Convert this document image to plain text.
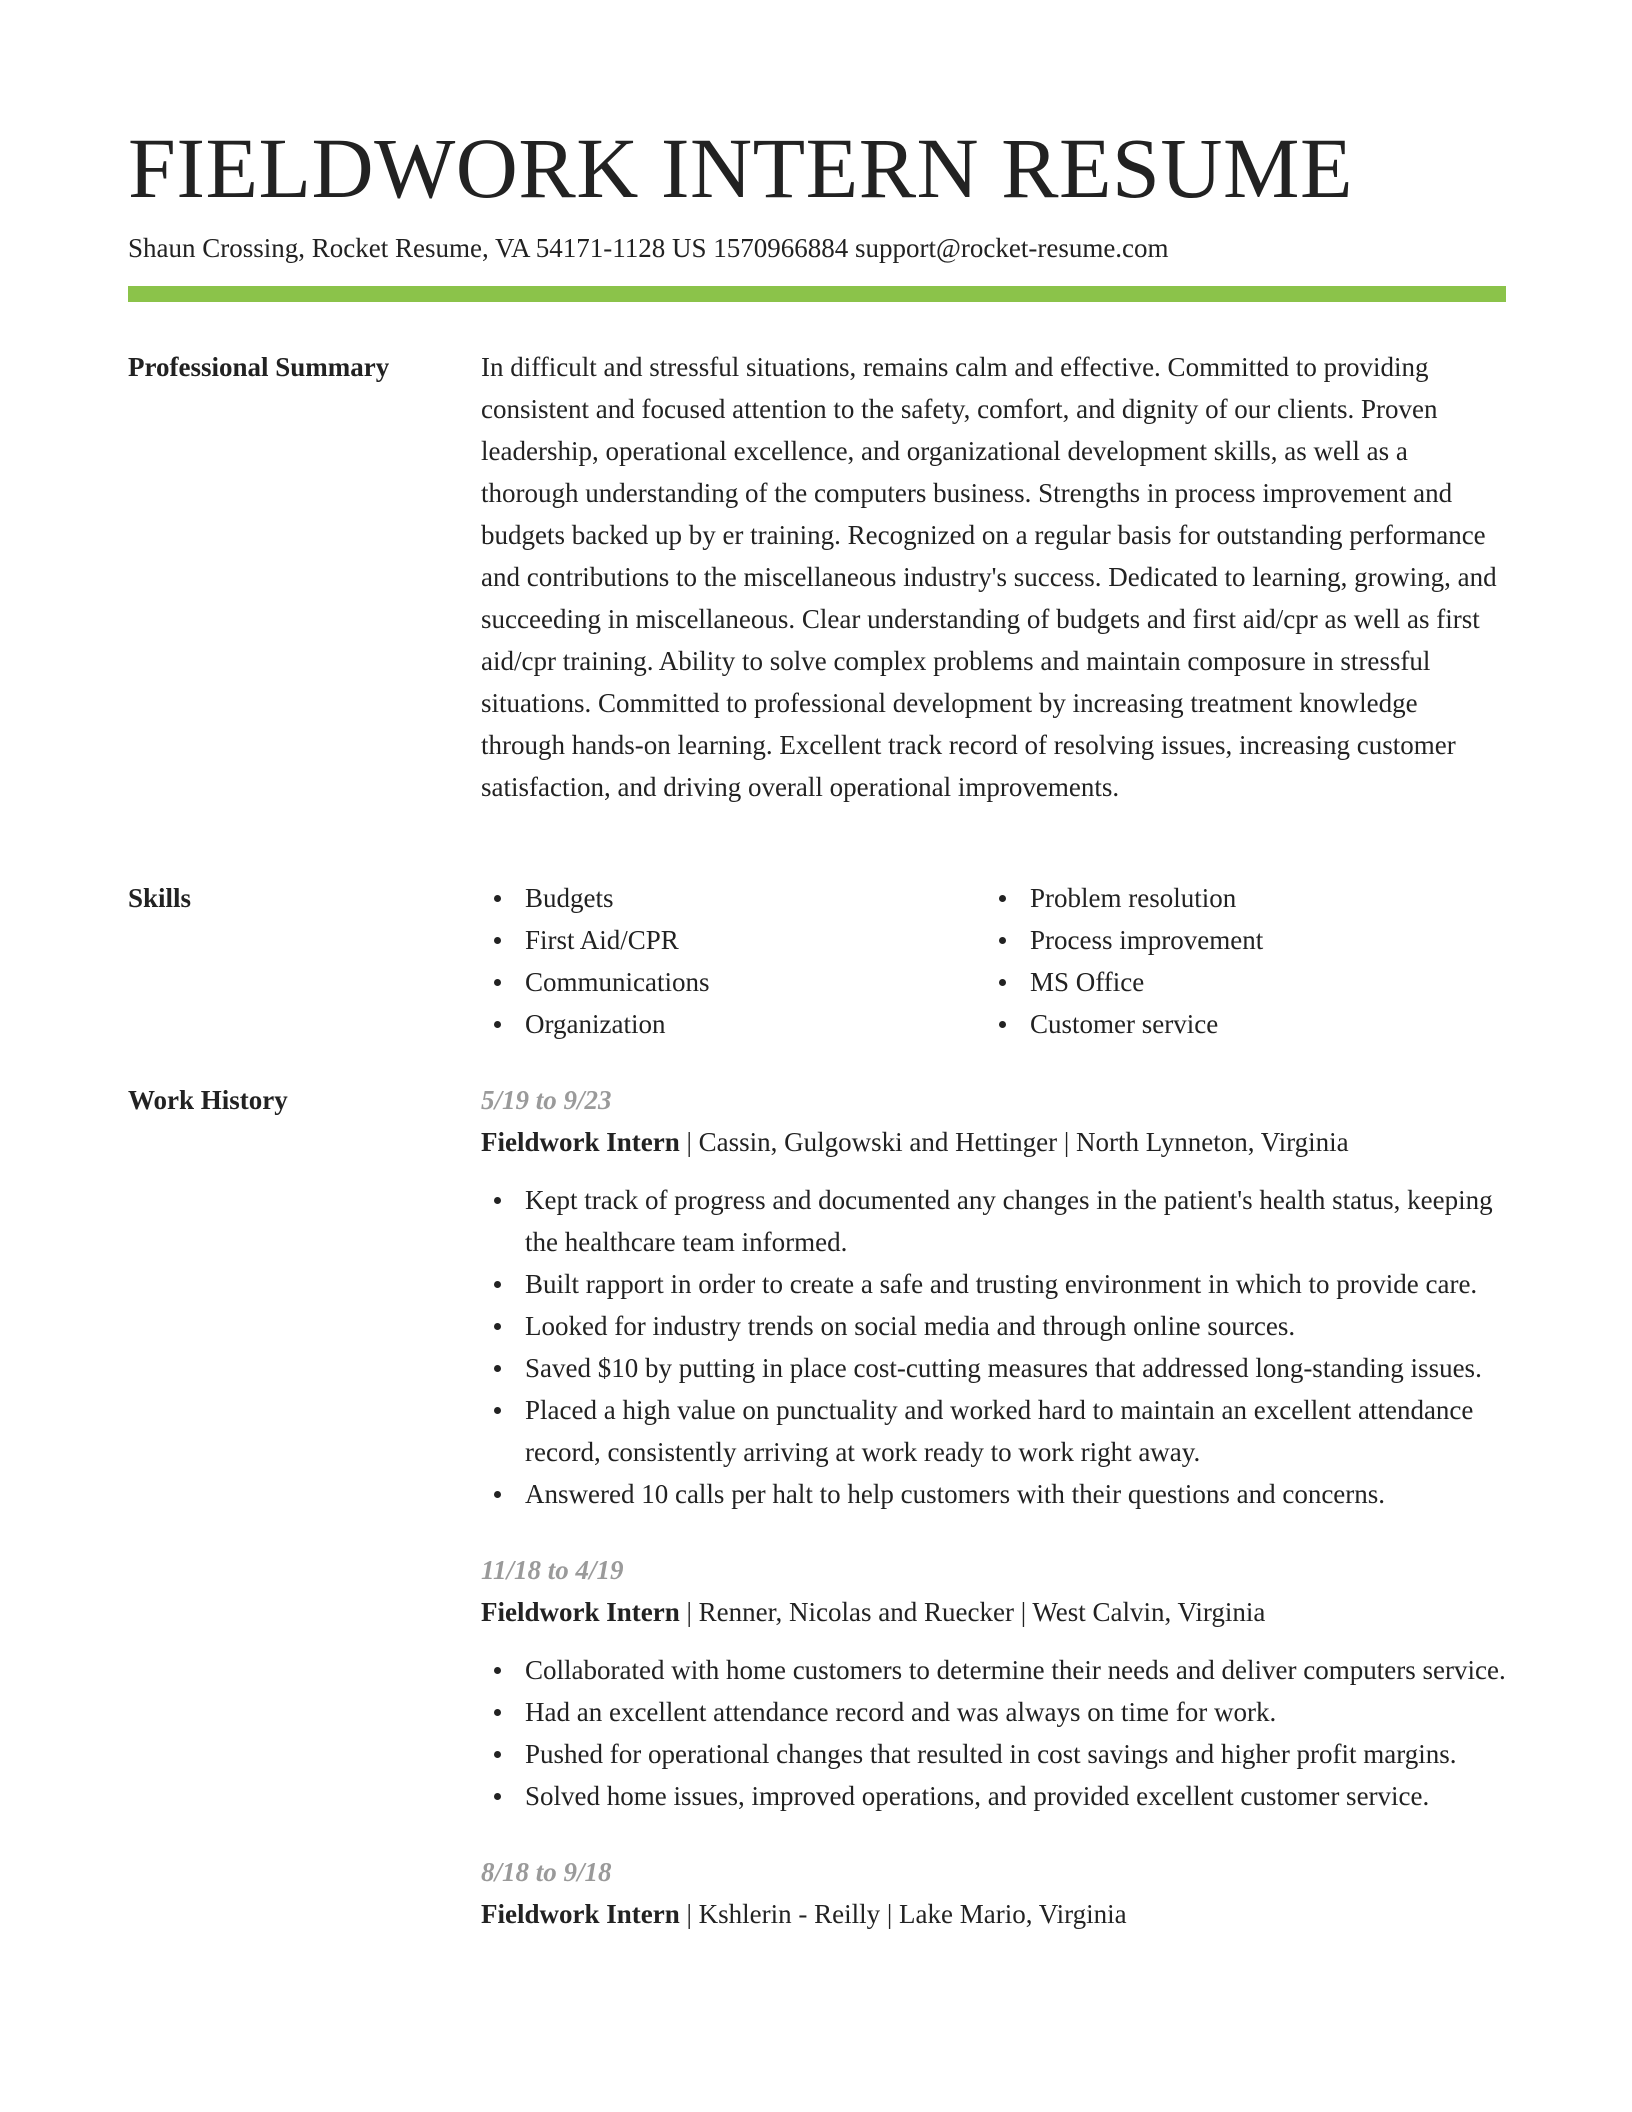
FIELDWORK INTERN RESUME
Shaun Crossing, Rocket Resume, VA 54171-1128 US 1570966884 support@rocket-resume.com
Professional Summary	In difficult and stressful situations, remains calm and effective. Committed to providing consistent and focused attention to the safety, comfort, and dignity of our clients. Proven leadership, operational excellence, and organizational development skills, as well as a thorough understanding of the computers business. Strengths in process improvement and budgets backed up by er training. Recognized on a regular basis for outstanding performance and contributions to the miscellaneous industry's success. Dedicated to learning, growing, and succeeding in miscellaneous. Clear understanding of budgets and first aid/cpr as well as first aid/cpr training. Ability to solve complex problems and maintain composure in stressful situations. Committed to professional development by increasing treatment knowledge through hands-on learning. Excellent track record of resolving issues, increasing customer satisfaction, and driving overall operational improvements.

Skills	Budgets
First Aid/CPR
Communications
Organization
Problem resolution
Process improvement
MS Office
Customer service
Work History	5/19 to 9/23
Fieldwork Intern | Cassin, Gulgowski and Hettinger | North Lynneton, Virginia
Kept track of progress and documented any changes in the patient's health status, keeping the healthcare team informed.
Built rapport in order to create a safe and trusting environment in which to provide care.
Looked for industry trends on social media and through online sources.
Saved $10 by putting in place cost-cutting measures that addressed long-standing issues.
Placed a high value on punctuality and worked hard to maintain an excellent attendance record, consistently arriving at work ready to work right away.
Answered 10 calls per halt to help customers with their questions and concerns.
11/18 to 4/19
Fieldwork Intern | Renner, Nicolas and Ruecker | West Calvin, Virginia
Collaborated with home customers to determine their needs and deliver computers service.
Had an excellent attendance record and was always on time for work.
Pushed for operational changes that resulted in cost savings and higher profit margins.
Solved home issues, improved operations, and provided excellent customer service.
8/18 to 9/18
Fieldwork Intern | Kshlerin - Reilly | Lake Mario, Virginia
